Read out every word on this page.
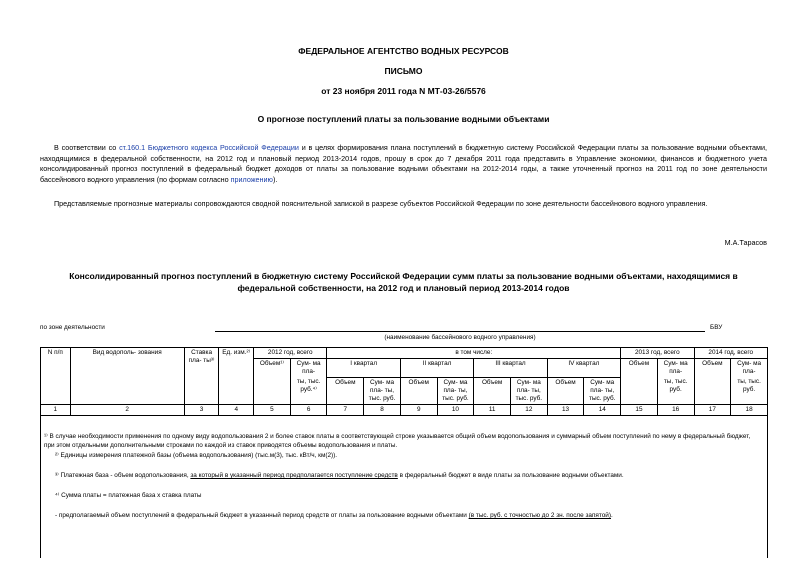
ФЕДЕРАЛЬНОЕ АГЕНТСТВО ВОДНЫХ РЕСУРСОВ
ПИСЬМО
от 23 ноября 2011 года N МТ-03-26/5576
О прогнозе поступлений платы за пользование водными объектами
В соответствии со ст.160.1 Бюджетного кодекса Российской Федерации и в целях формирования плана поступлений в бюджетную систему Российской Федерации платы за пользование водными объектами, находящимися в федеральной собственности, на 2012 год и плановый период 2013-2014 годов, прошу в срок до 7 декабря 2011 года представить в Управление экономики, финансов и бюджетного учета консолидированный прогноз поступлений в федеральный бюджет доходов от платы за пользование водными объектами на 2012-2014 годы, а также уточненный прогноз на 2011 год по зоне деятельности бассейнового водного управления (по формам согласно приложению).
Представляемые прогнозные материалы сопровождаются сводной пояснительной запиской в разрезе субъектов Российской Федерации по зоне деятельности бассейнового водного управления.
М.А.Тарасов
Консолидированный прогноз поступлений в бюджетную систему Российской Федерации сумм платы за пользование водными объектами, находящимися в федеральной собственности, на 2012 год и плановый период 2013-2014 годов
по зоне деятельности	БВУ
(наименование бассейнового водного управления)
N п/п	Вид водополь- зования	Ставка пла- ты³⁾	Ед. изм.²⁾	2012 год, всего		в том числе:								2013 год, всего		2014 год, всего	
				Объем¹⁾	Сум- ма пла-	I квартал		II квартал		III квартал		IV квартал		Объем	Сум- ма пла-	Объем	Сум- ма пла-
					ты, тыс. руб.⁴⁾	Объем	Сум- ма пла- ты, тыс. руб.	Объем	Сум- ма пла- ты, тыс. руб.	Объем	Сум- ма пла- ты, тыс. руб.	Объем	Сум- ма пла- ты, тыс. руб.		ты, тыс. руб.		ты, тыс. руб.
1	2	3	4	5	6	7	8	9	10	11	12	13	14	15	16	17	18

¹⁾ В случае необходимости применения по одному виду водопользования 2 и более ставок платы в соответствующей строке указывается общий объем водопользования и суммарный объем поступлений по нему в федеральный бюджет, при этом отдельными дополнительными строками по каждой из ставок приводятся объемы водопользования и платы.
²⁾ Единицы измерения платежной базы (объема водопользования) (тыс.м(3), тыс. кВт/ч, км(2)).
³⁾ Платежная база - объем водопользования, за который в указанный период предполагается поступление средств в федеральный бюджет в виде платы за пользование водными объектами.
⁴⁾ Сумма платы = платежная база х ставка платы
- предполагаемый объем поступлений в федеральный бюджет в указанный период средств от платы за пользование водными объектами (в тыс. руб. с точностью до 2 зн. после запятой).
